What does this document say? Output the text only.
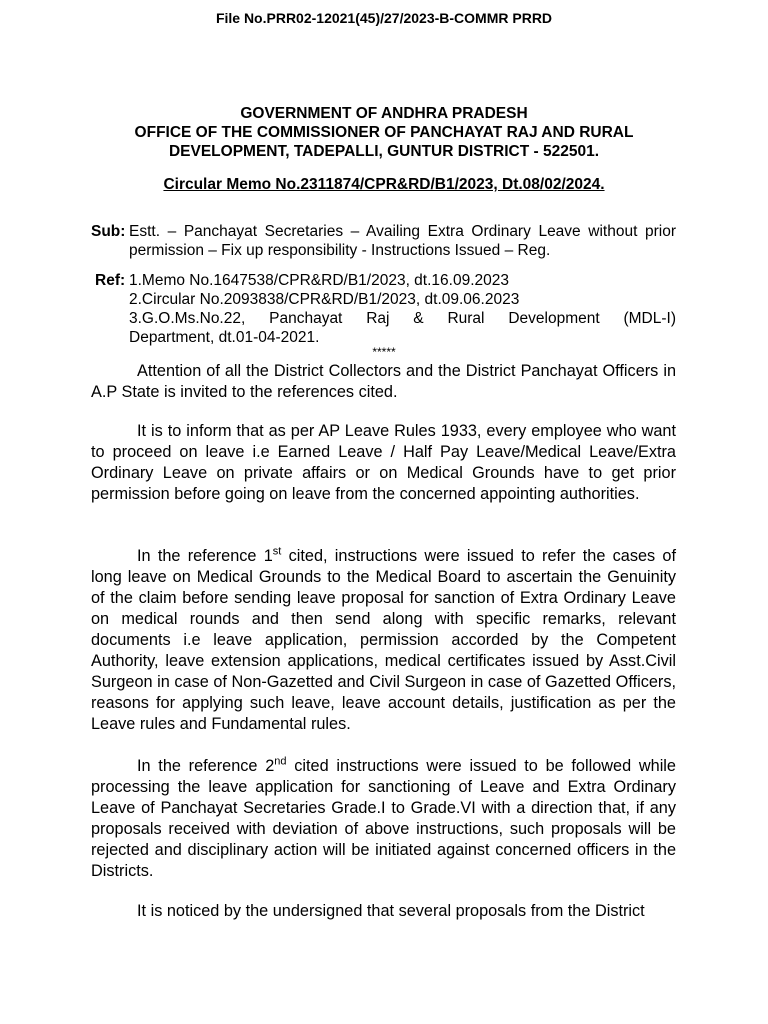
File No.PRR02-12021(45)/27/2023-B-COMMR PRRD
GOVERNMENT OF ANDHRA PRADESH
OFFICE OF THE COMMISSIONER OF PANCHAYAT RAJ AND RURAL
DEVELOPMENT, TADEPALLI, GUNTUR DISTRICT - 522501.
Circular Memo No.2311874/CPR&RD/B1/2023, Dt.08/02/2024.
Sub: Estt. – Panchayat Secretaries – Availing Extra Ordinary Leave without prior permission – Fix up responsibility - Instructions Issued – Reg.
Ref: 1.Memo No.1647538/CPR&RD/B1/2023, dt.16.09.2023
2.Circular No.2093838/CPR&RD/B1/2023, dt.09.06.2023
3.G.O.Ms.No.22, Panchayat Raj & Rural Development (MDL-I)
Department, dt.01-04-2021.
*****
Attention of all the District Collectors and the District Panchayat Officers in A.P State is invited to the references cited.
It is to inform that as per AP Leave Rules 1933, every employee who want to proceed on leave i.e Earned Leave / Half Pay Leave/Medical Leave/Extra Ordinary Leave on private affairs or on Medical Grounds have to get prior permission before going on leave from the concerned appointing authorities.
In the reference 1st cited, instructions were issued to refer the cases of long leave on Medical Grounds to the Medical Board to ascertain the Genuinity of the claim before sending leave proposal for sanction of Extra Ordinary Leave on medical rounds and then send along with specific remarks, relevant documents i.e leave application, permission accorded by the Competent Authority, leave extension applications, medical certificates issued by Asst.Civil Surgeon in case of Non-Gazetted and Civil Surgeon in case of Gazetted Officers, reasons for applying such leave, leave account details, justification as per the Leave rules and Fundamental rules.
In the reference 2nd cited instructions were issued to be followed while processing the leave application for sanctioning of Leave and Extra Ordinary Leave of Panchayat Secretaries Grade.I to Grade.VI with a direction that, if any proposals received with deviation of above instructions, such proposals will be rejected and disciplinary action will be initiated against concerned officers in the Districts.
It is noticed by the undersigned that several proposals from the District
